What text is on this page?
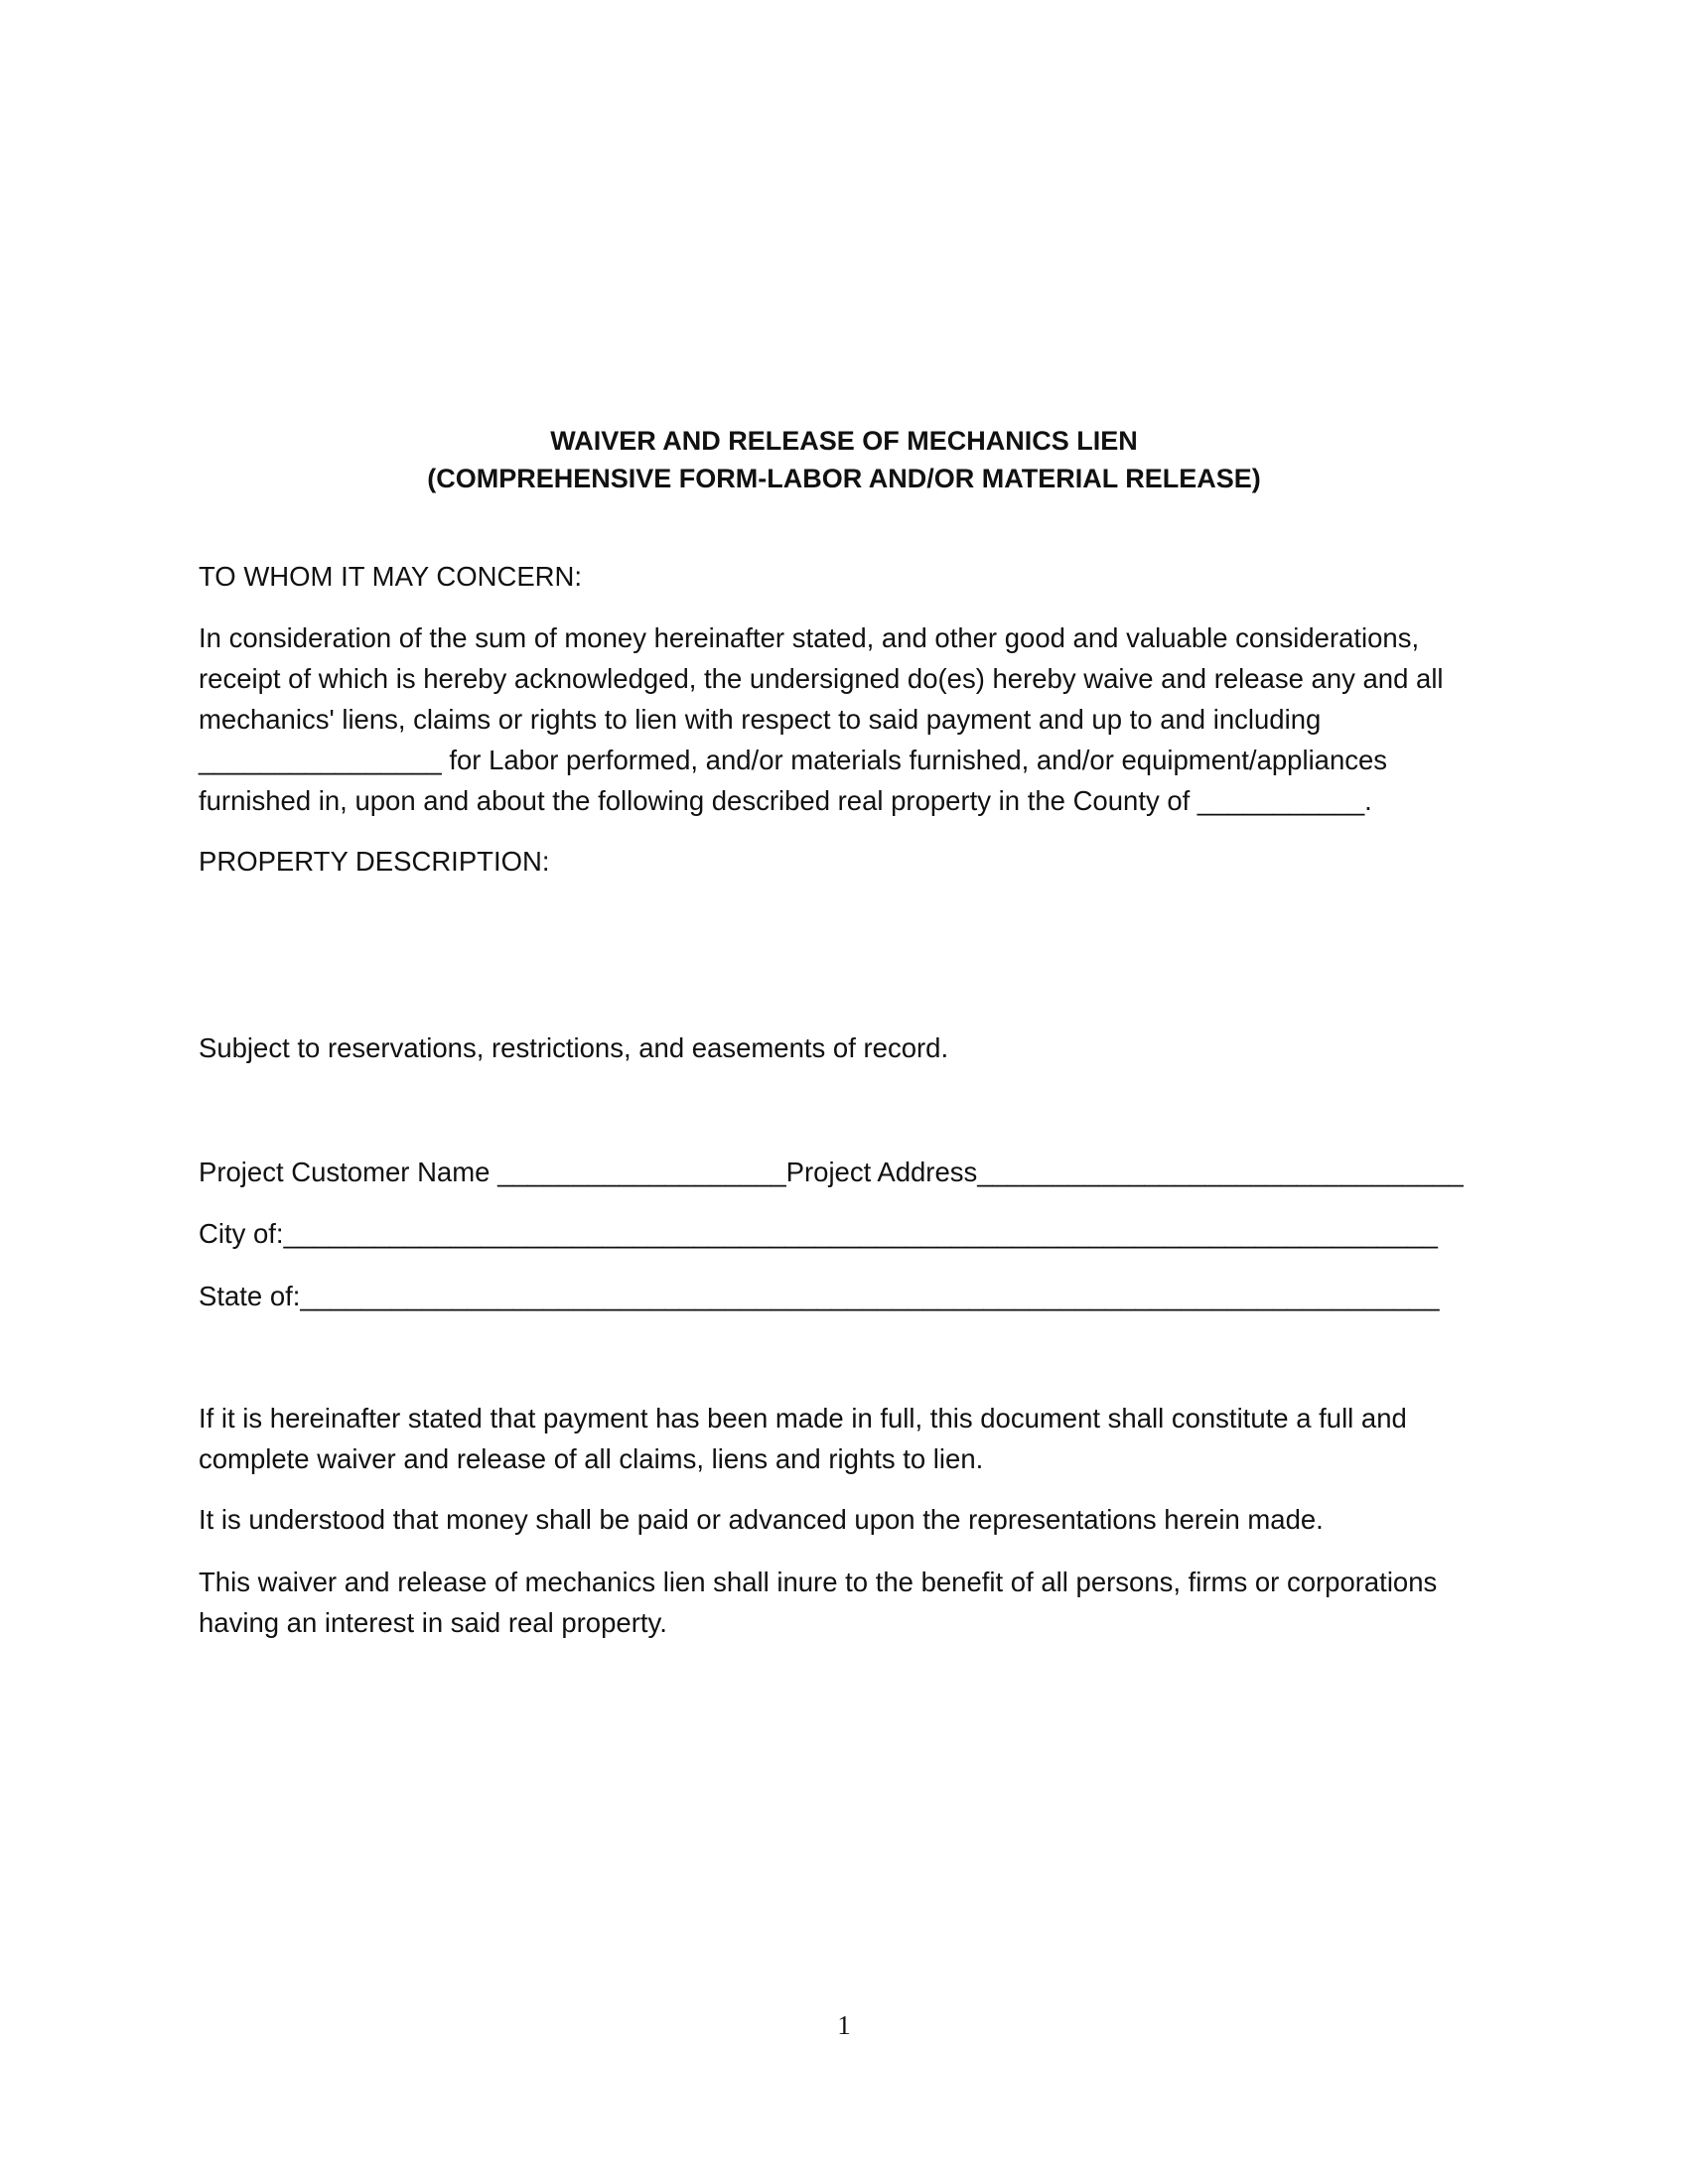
WAIVER AND RELEASE OF MECHANICS LIEN
(COMPREHENSIVE FORM-LABOR AND/OR MATERIAL RELEASE)
TO WHOM IT MAY CONCERN:
In consideration of the sum of money hereinafter stated, and other good and valuable considerations,
receipt of which is hereby acknowledged, the undersigned do(es) hereby waive and release any and all
mechanics' liens, claims or rights to lien with respect to said payment and up to and including
________________ for Labor performed, and/or materials furnished, and/or equipment/appliances
furnished in, upon and about the following described real property in the County of ___________.
PROPERTY DESCRIPTION:
Subject to reservations, restrictions, and easements of record.
Project Customer Name ___________________Project Address________________________________
City of:____________________________________________________________________________
State of:___________________________________________________________________________
If it is hereinafter stated that payment has been made in full, this document shall constitute a full and
complete waiver and release of all claims, liens and rights to lien.
It is understood that money shall be paid or advanced upon the representations herein made.
This waiver and release of mechanics lien shall inure to the benefit of all persons, firms or corporations
having an interest in said real property.
1
